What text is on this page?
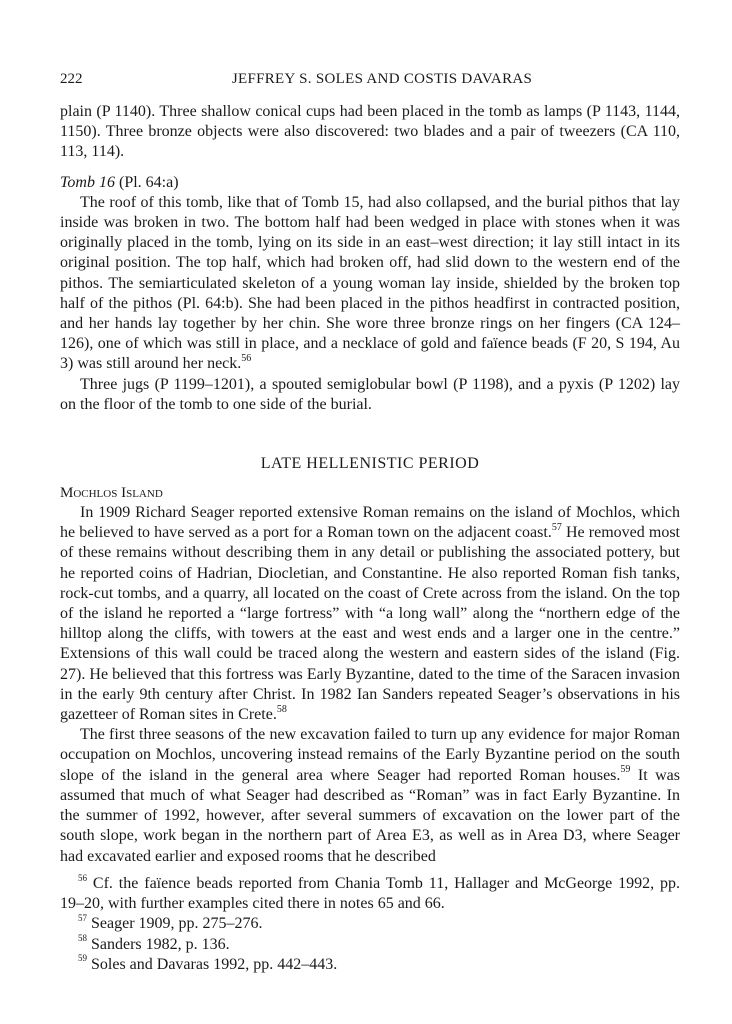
222	JEFFREY S. SOLES AND COSTIS DAVARAS

plain (P 1140). Three shallow conical cups had been placed in the tomb as lamps (P 1143, 1144, 1150). Three bronze objects were also discovered: two blades and a pair of tweezers (CA 110, 113, 114).

Tomb 16 (Pl. 64:a)

The roof of this tomb, like that of Tomb 15, had also collapsed, and the burial pithos that lay inside was broken in two. The bottom half had been wedged in place with stones when it was originally placed in the tomb, lying on its side in an east–west direction; it lay still intact in its original position. The top half, which had broken off, had slid down to the western end of the pithos. The semiarticulated skeleton of a young woman lay inside, shielded by the broken top half of the pithos (Pl. 64:b). She had been placed in the pithos headfirst in contracted position, and her hands lay together by her chin. She wore three bronze rings on her fingers (CA 124–126), one of which was still in place, and a necklace of gold and faïence beads (F 20, S 194, Au 3) was still around her neck.$^{56}$

Three jugs (P 1199–1201), a spouted semiglobular bowl (P 1198), and a pyxis (P 1202) lay on the floor of the tomb to one side of the burial.

LATE HELLENISTIC PERIOD
Mochlos Island

In 1909 Richard Seager reported extensive Roman remains on the island of Mochlos, which he believed to have served as a port for a Roman town on the adjacent coast.$^{57}$ He removed most of these remains without describing them in any detail or publishing the associated pottery, but he reported coins of Hadrian, Diocletian, and Constantine. He also reported Roman fish tanks, rock-cut tombs, and a quarry, all located on the coast of Crete across from the island. On the top of the island he reported a “large fortress” with “a long wall” along the “northern edge of the hilltop along the cliffs, with towers at the east and west ends and a larger one in the centre.” Extensions of this wall could be traced along the western and eastern sides of the island (Fig. 27). He believed that this fortress was Early Byzantine, dated to the time of the Saracen invasion in the early 9th century after Christ. In 1982 Ian Sanders repeated Seager’s observations in his gazetteer of Roman sites in Crete.$^{58}$

The first three seasons of the new excavation failed to turn up any evidence for major Roman occupation on Mochlos, uncovering instead remains of the Early Byzantine period on the south slope of the island in the general area where Seager had reported Roman houses.$^{59}$ It was assumed that much of what Seager had described as “Roman” was in fact Early Byzantine. In the summer of 1992, however, after several summers of excavation on the lower part of the south slope, work began in the northern part of Area E3, as well as in Area D3, where Seager had excavated earlier and exposed rooms that he described

$^{56}$ Cf. the faïence beads reported from Chania Tomb 11, Hallager and McGeorge 1992, pp. 19–20, with further examples cited there in notes 65 and 66.

$^{57}$ Seager 1909, pp. 275–276.

$^{58}$ Sanders 1982, p. 136.

$^{59}$ Soles and Davaras 1992, pp. 442–443.
